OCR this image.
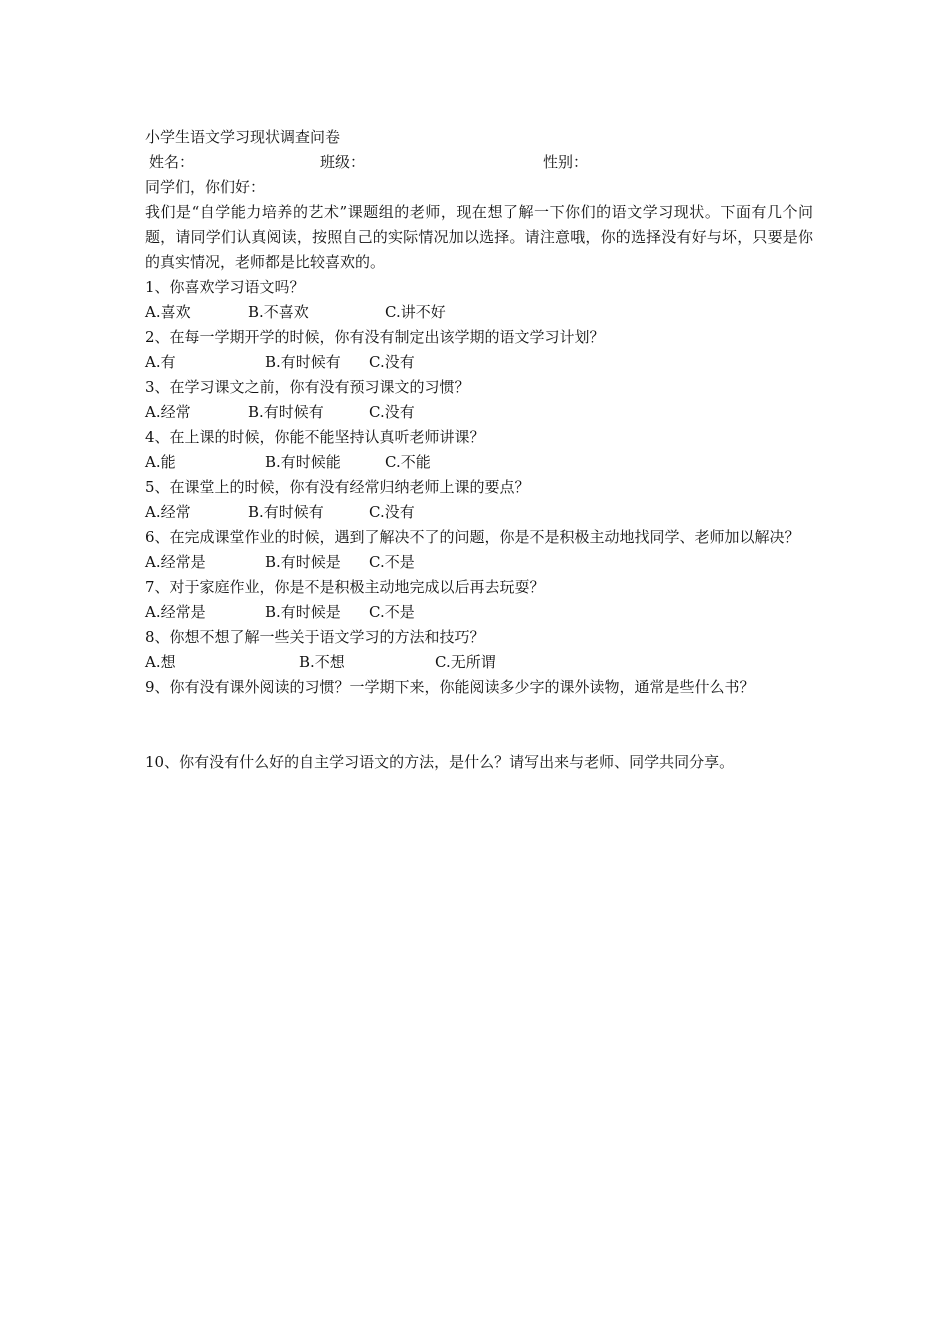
小学生语文学习现状调查问卷
姓名：	班级：	性别：
同学们，你们好：
我们是“自学能力培养的艺术”课题组的老师，现在想了解一下你们的语文学习现状。下面有几个问题，请同学们认真阅读，按照自己的实际情况加以选择。请注意哦，你的选择没有好与坏，只要是你的真实情况，老师都是比较喜欢的。
1、你喜欢学习语文吗？
A.喜欢	B.不喜欢	C.讲不好
2、在每一学期开学的时候，你有没有制定出该学期的语文学习计划？
A.有	B.有时候有 C.没有
3、在学习课文之前，你有没有预习课文的习惯？
A.经常	B.有时候有	C.没有
4、在上课的时候，你能不能坚持认真听老师讲课？
A.能	B.有时候能	C.不能
5、在课堂上的时候，你有没有经常归纳老师上课的要点？
A.经常	B.有时候有	C.没有
6、在完成课堂作业的时候，遇到了解决不了的问题，你是不是积极主动地找同学、老师加以解决？
A.经常是	B.有时候是 C.不是
7、对于家庭作业，你是不是积极主动地完成以后再去玩耍？
A.经常是	B.有时候是 C.不是
8、你想不想了解一些关于语文学习的方法和技巧？
A.想	B.不想	C.无所谓
9、你有没有课外阅读的习惯？一学期下来，你能阅读多少字的课外读物，通常是些什么书？
10、你有没有什么好的自主学习语文的方法，是什么？请写出来与老师、同学共同分享。
